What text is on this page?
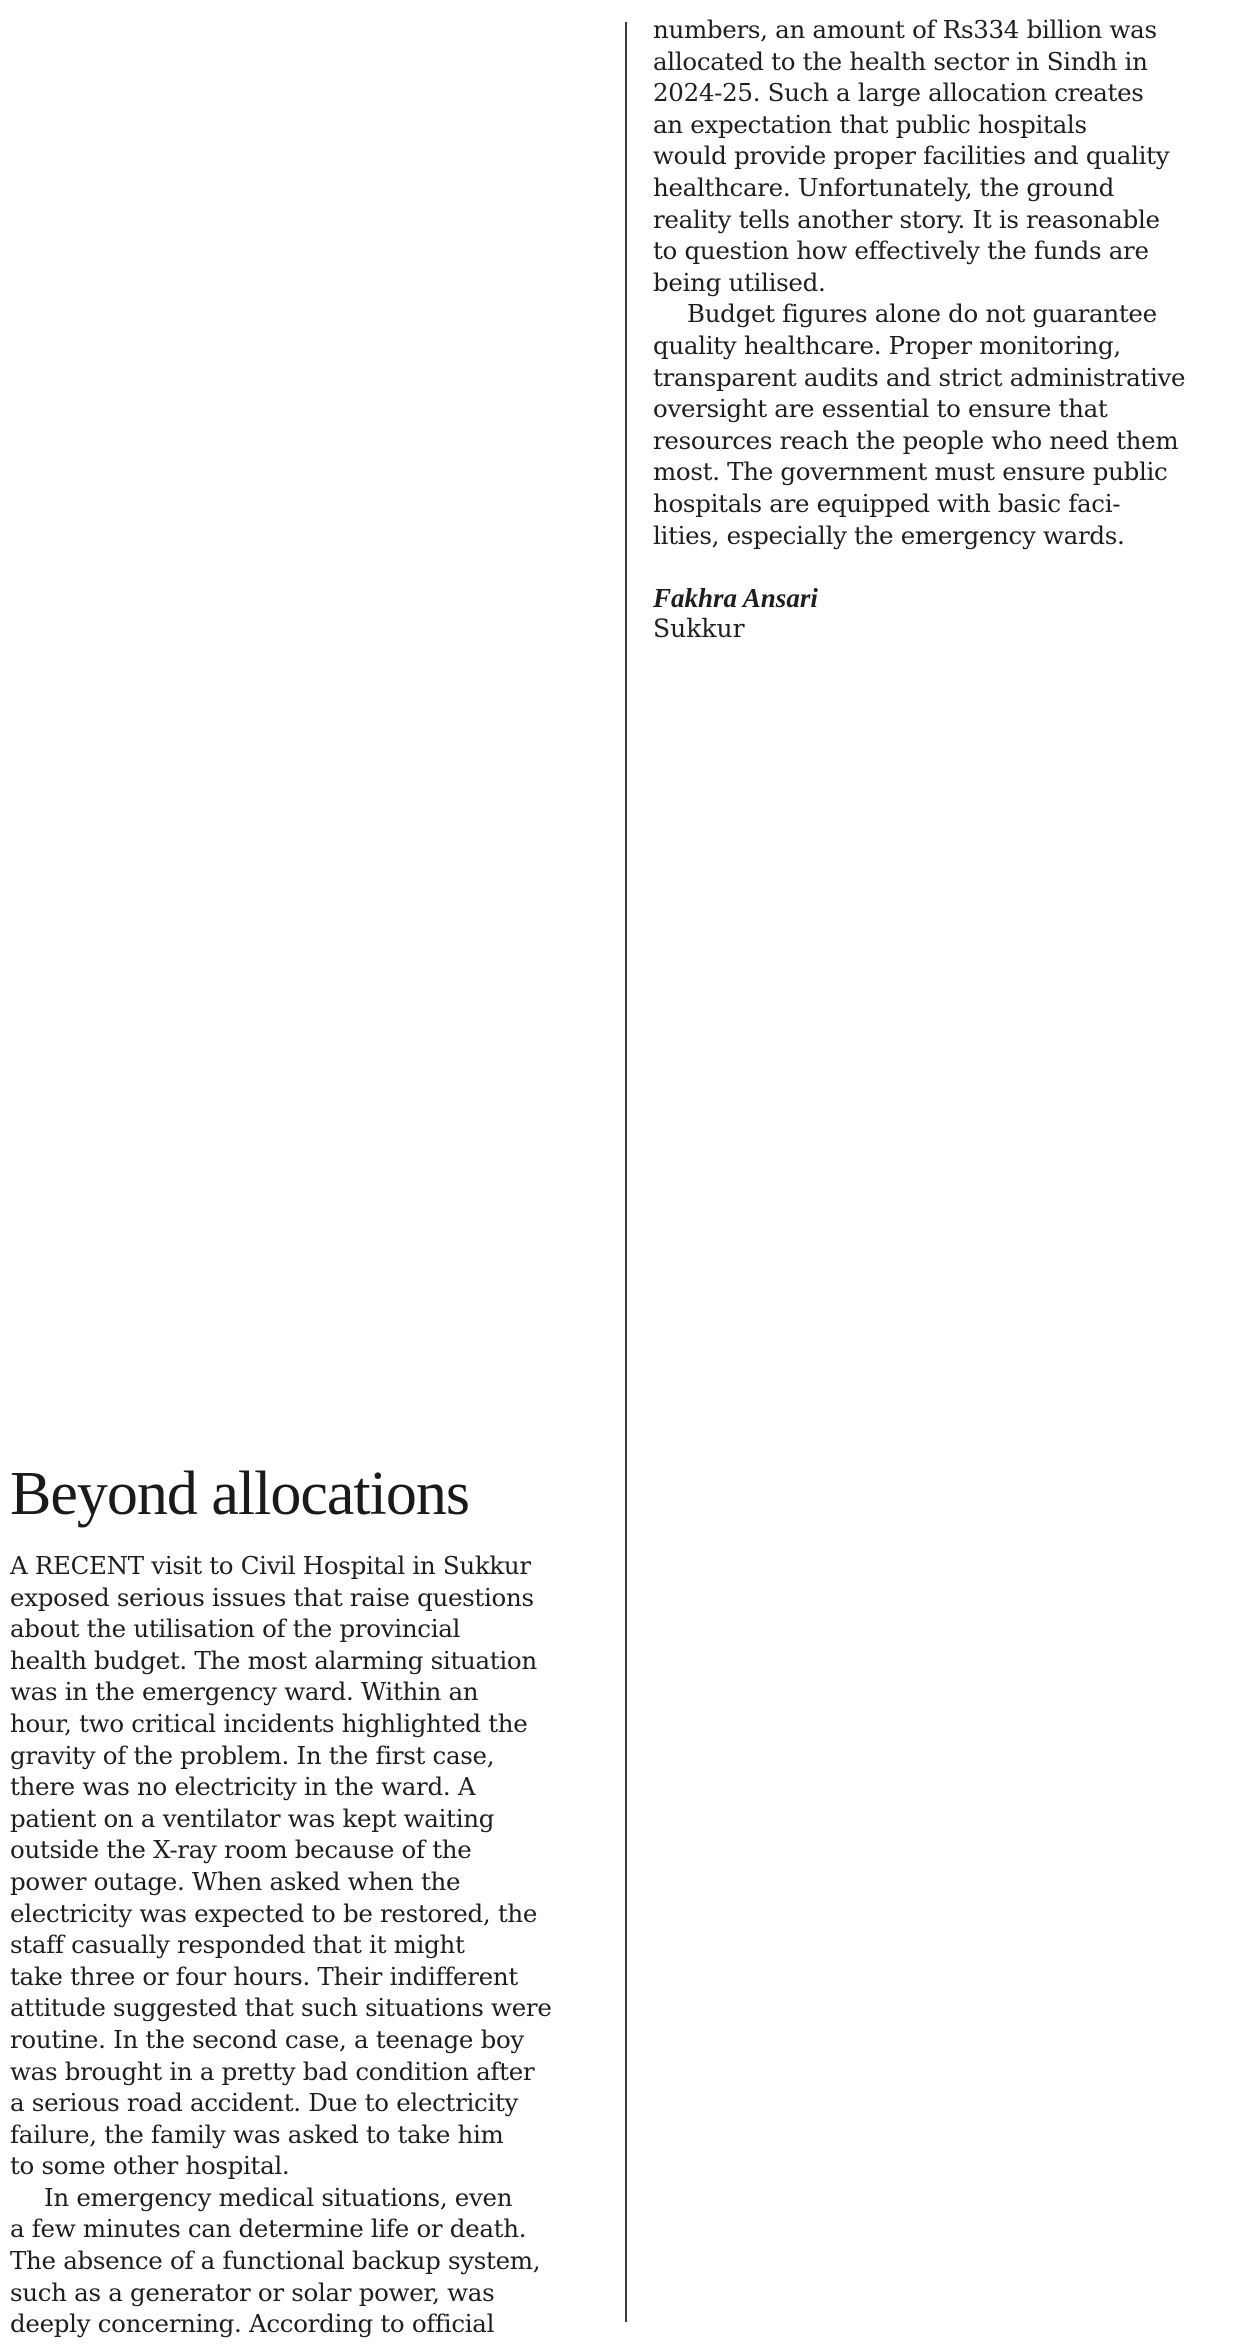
Beyond allocations

A RECENT visit to Civil Hospital in Sukkur

exposed serious issues that raise questions

about the utilisation of the provincial

health budget. The most alarming situation

was in the emergency ward. Within an

hour, two critical incidents highlighted the

gravity of the problem. In the first case,

there was no electricity in the ward. A

patient on a ventilator was kept waiting

outside the X-ray room because of the

power outage. When asked when the

electricity was expected to be restored, the

staff casually responded that it might

take three or four hours. Their indifferent

attitude suggested that such situations were

routine. In the second case, a teenage boy

was brought in a pretty bad condition after

a serious road accident. Due to electricity

failure, the family was asked to take him

to some other hospital.

In emergency medical situations, even

a few minutes can determine life or death.

The absence of a functional backup system,

such as a generator or solar power, was

deeply concerning. According to official

numbers, an amount of Rs334 billion was

allocated to the health sector in Sindh in

2024-25. Such a large allocation creates

an expectation that public hospitals

would provide proper facilities and quality

healthcare. Unfortunately, the ground

reality tells another story. It is reasonable

to question how effectively the funds are

being utilised.

Budget figures alone do not guarantee

quality healthcare. Proper monitoring,

transparent audits and strict administrative

oversight are essential to ensure that

resources reach the people who need them

most. The government must ensure public

hospitals are equipped with basic faci-

lities, especially the emergency wards.

Fakhra Ansari
Sukkur
